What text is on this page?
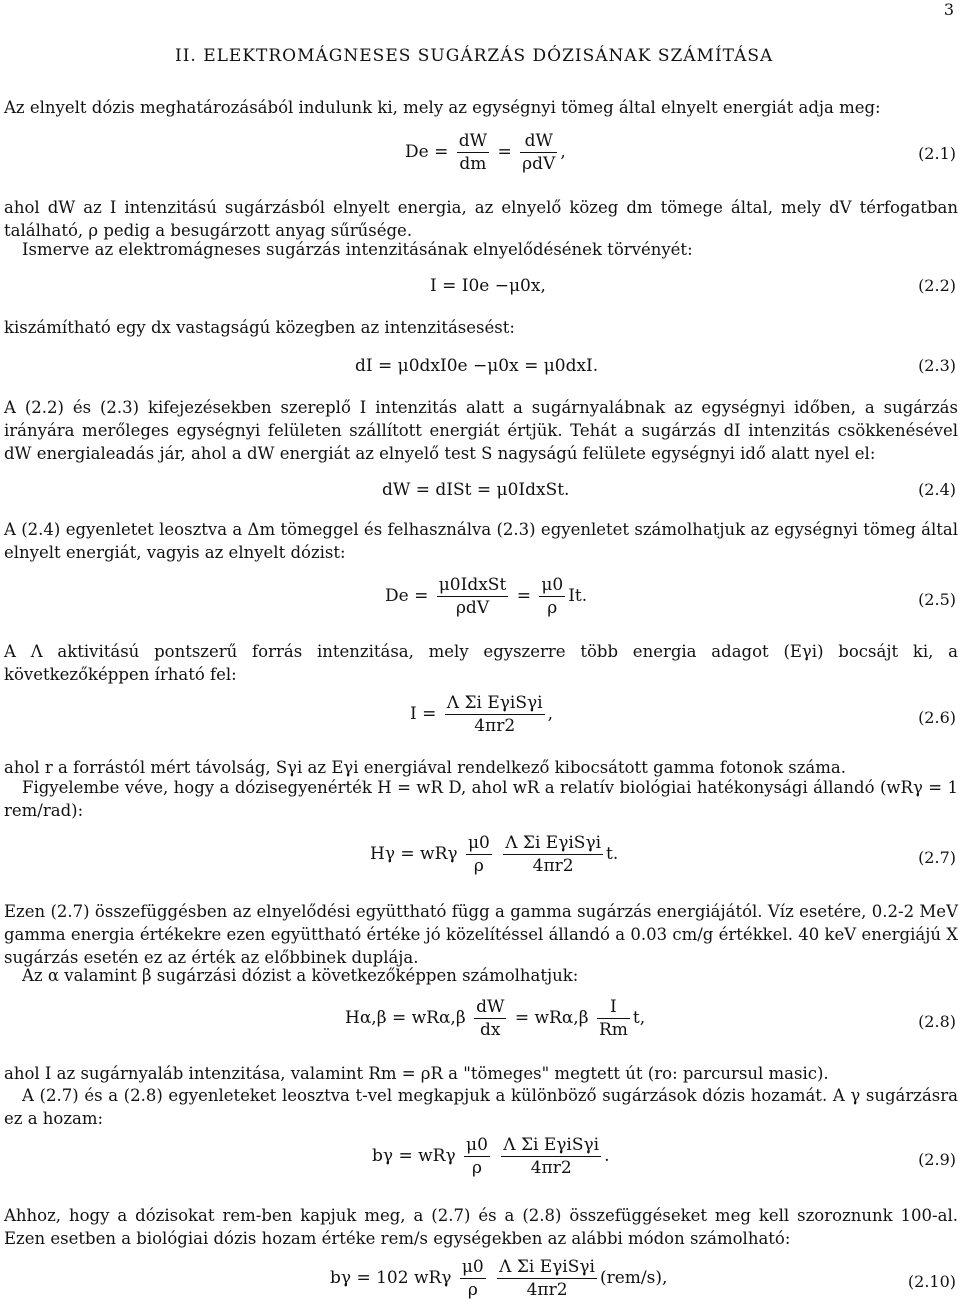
3
II. ELEKTROMÁGNESES SUGÁRZÁS DÓZISÁNAK SZÁMÍTÁSA
Az elnyelt dózis meghatározásából indulunk ki, mely az egységnyi tömeg által elnyelt energiát adja meg:
$De = \frac{dW}{dm} = \frac{dW}{\text{ρdV}}$ ,	(2.1)
ahol dW az I intenzitású sugárzásból elnyelt energia, az elnyelő közeg dm tömege által, mely dV térfogatban található, ρ pedig a besugárzott anyag sűrűsége.
Ismerve az elektromágneses sugárzás intenzitásának elnyelődésének törvényét:
I = I0e −μ0x,	(2.2)
kiszámítható egy dx vastagságú közegben az intenzitásesést:
dI = μ0dxI0e −μ0x = μ0dxI.	(2.3)
A (2.2) és (2.3) kifejezésekben szereplő I intenzitás alatt a sugárnyalábnak az egységnyi időben, a sugárzás irányára merőleges egységnyi felületen szállított energiát értjük. Tehát a sugárzás dI intenzitás csökkenésével dW energialeadás jár, ahol a dW energiát az elnyelő test S nagyságú felülete egységnyi idő alatt nyel el:
dW = dISt = μ0IdxSt.	(2.4)
A (2.4) egyenletet leosztva a Δm tömeggel és felhasználva (2.3) egyenletet számolhatjuk az egységnyi tömeg által elnyelt energiát, vagyis az elnyelt dózist:
$De = \frac{\text{μ0IdxSt}}{\text{ρdV}} = \frac{\mu 0}{\rho} It$.	(2.5)
A Λ aktivitású pontszerű forrás intenzitása, mely egyszerre több energia adagot (Eγi) bocsájt ki, a következőképpen írható fel:
$I = \frac{\text{Λ Σi EγiSγi}}{4\pi r2}$ ,	(2.6)
ahol r a forrástól mért távolság, Sγi az Eγi energiával rendelkező kibocsátott gamma fotonok száma.
Figyelembe véve, hogy a dózisegyenérték H = wR D, ahol wR a relatív biológiai hatékonysági állandó (wRγ = 1 rem/rad):
Hγ = wRγ $\frac{\mu 0}{\rho}$
$\frac{\text{Λ Σi EγiSγi}}{4\pi r2} t$.	(2.7)
Ezen (2.7) összefüggésben az elnyelődési együttható függ a gamma sugárzás energiájától. Víz esetére, 0.2-2 MeV gamma energia értékekre ezen együttható értéke jó közelítéssel állandó a 0.03 cm/g értékkel. 40 keV energiájú X sugárzás esetén ez az érték az előbbinek duplája.
Az α valamint β sugárzási dózist a következőképpen számolhatjuk:
$H\alpha,\beta = wR\alpha,\beta \frac{dW}{dx} = wR\alpha,\beta \frac{I}{Rm} t$,	(2.8)
ahol I az sugárnyaláb intenzitása, valamint Rm = ρR a "tömeges" megtett út (ro: parcursul masic).
A (2.7) és a (2.8) egyenleteket leosztva t-vel megkapjuk a különböző sugárzások dózis hozamát. A γ sugárzásra ez a hozam:
bγ = wRγ $\frac{\mu 0}{\rho}$
$\frac{\text{Λ Σi EγiSγi}}{4\pi r2}$ .	(2.9)
Ahhoz, hogy a dózisokat rem-ben kapjuk meg, a (2.7) és a (2.8) összefüggéseket meg kell szoroznunk 100-al. Ezen esetben a biológiai dózis hozam értéke rem/s egységekben az alábbi módon számolható:
bγ = 102 wRγ $\frac{\mu 0}{\rho}$
$\frac{\text{Λ Σi EγiSγi}}{4\pi r2} (rem/s)$,	(2.10)
